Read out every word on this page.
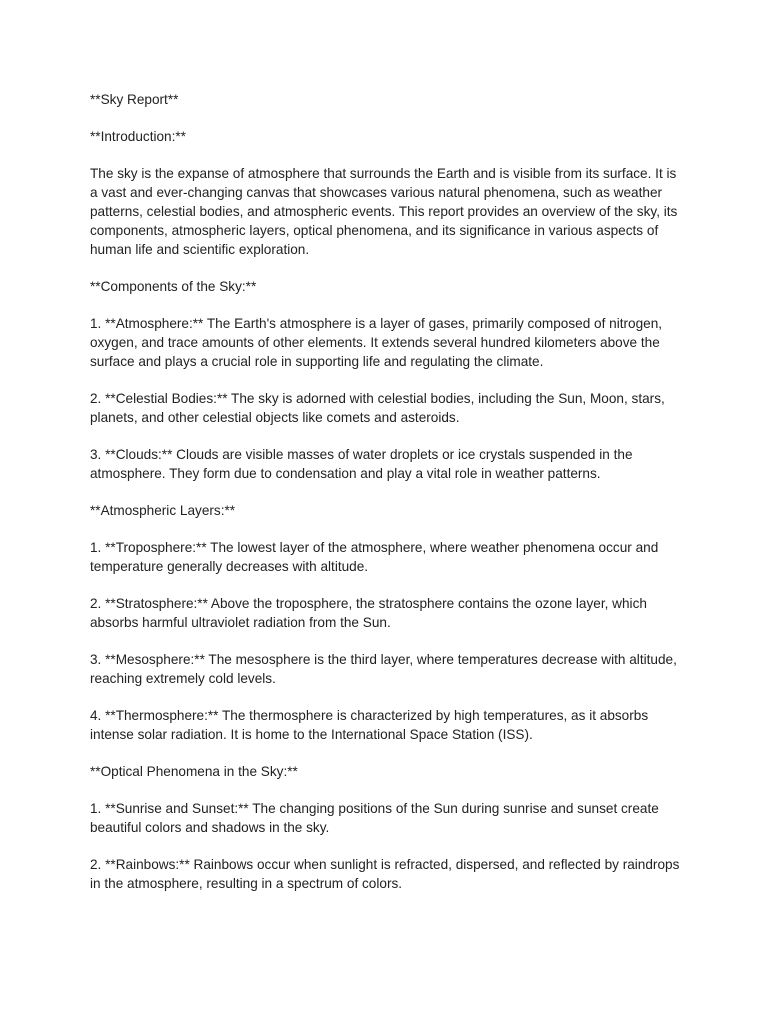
**Sky Report**

**Introduction:**

The sky is the expanse of atmosphere that surrounds the Earth and is visible from its surface. It is a vast and ever-changing canvas that showcases various natural phenomena, such as weather patterns, celestial bodies, and atmospheric events. This report provides an overview of the sky, its components, atmospheric layers, optical phenomena, and its significance in various aspects of human life and scientific exploration.

**Components of the Sky:**

1. **Atmosphere:** The Earth's atmosphere is a layer of gases, primarily composed of nitrogen, oxygen, and trace amounts of other elements. It extends several hundred kilometers above the surface and plays a crucial role in supporting life and regulating the climate.

2. **Celestial Bodies:** The sky is adorned with celestial bodies, including the Sun, Moon, stars, planets, and other celestial objects like comets and asteroids.

3. **Clouds:** Clouds are visible masses of water droplets or ice crystals suspended in the atmosphere. They form due to condensation and play a vital role in weather patterns.

**Atmospheric Layers:**

1. **Troposphere:** The lowest layer of the atmosphere, where weather phenomena occur and temperature generally decreases with altitude.

2. **Stratosphere:** Above the troposphere, the stratosphere contains the ozone layer, which absorbs harmful ultraviolet radiation from the Sun.

3. **Mesosphere:** The mesosphere is the third layer, where temperatures decrease with altitude, reaching extremely cold levels.

4. **Thermosphere:** The thermosphere is characterized by high temperatures, as it absorbs intense solar radiation. It is home to the International Space Station (ISS).

**Optical Phenomena in the Sky:**

1. **Sunrise and Sunset:** The changing positions of the Sun during sunrise and sunset create beautiful colors and shadows in the sky.

2. **Rainbows:** Rainbows occur when sunlight is refracted, dispersed, and reflected by raindrops in the atmosphere, resulting in a spectrum of colors.
